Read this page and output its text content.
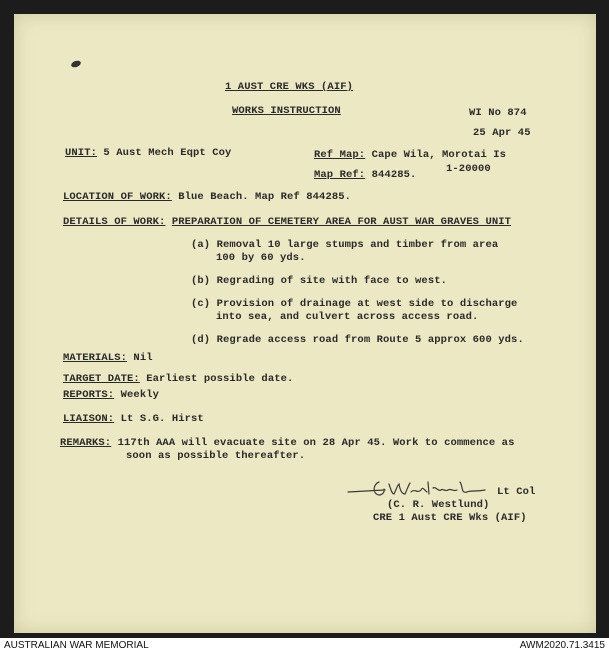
1 AUST CRE WKS (AIF)
WORKS INSTRUCTION	WI No 874
25 Apr 45
UNIT: 5 Aust Mech Eqpt Coy	Ref Map: Cape Wila, Morotai Is
1-20000
Map Ref: 844285.
LOCATION OF WORK: Blue Beach. Map Ref 844285.
DETAILS OF WORK: PREPARATION OF CEMETERY AREA FOR AUST WAR GRAVES UNIT
(a) Removal 10 large stumps and timber from area
100 by 60 yds.
(b) Regrading of site with face to west.
(c) Provision of drainage at west side to discharge
into sea, and culvert across access road.
(d) Regrade access road from Route 5 approx 600 yds.
MATERIALS: Nil
TARGET DATE: Earliest possible date.
REPORTS: Weekly
LIAISON: Lt S.G. Hirst
REMARKS: 117th AAA will evacuate site on 28 Apr 45. Work to commence as
soon as possible thereafter.
Lt Col
(C. R. Westlund)
CRE 1 Aust CRE Wks (AIF)
AUSTRALIAN WAR MEMORIAL	AWM2020.71.3415
